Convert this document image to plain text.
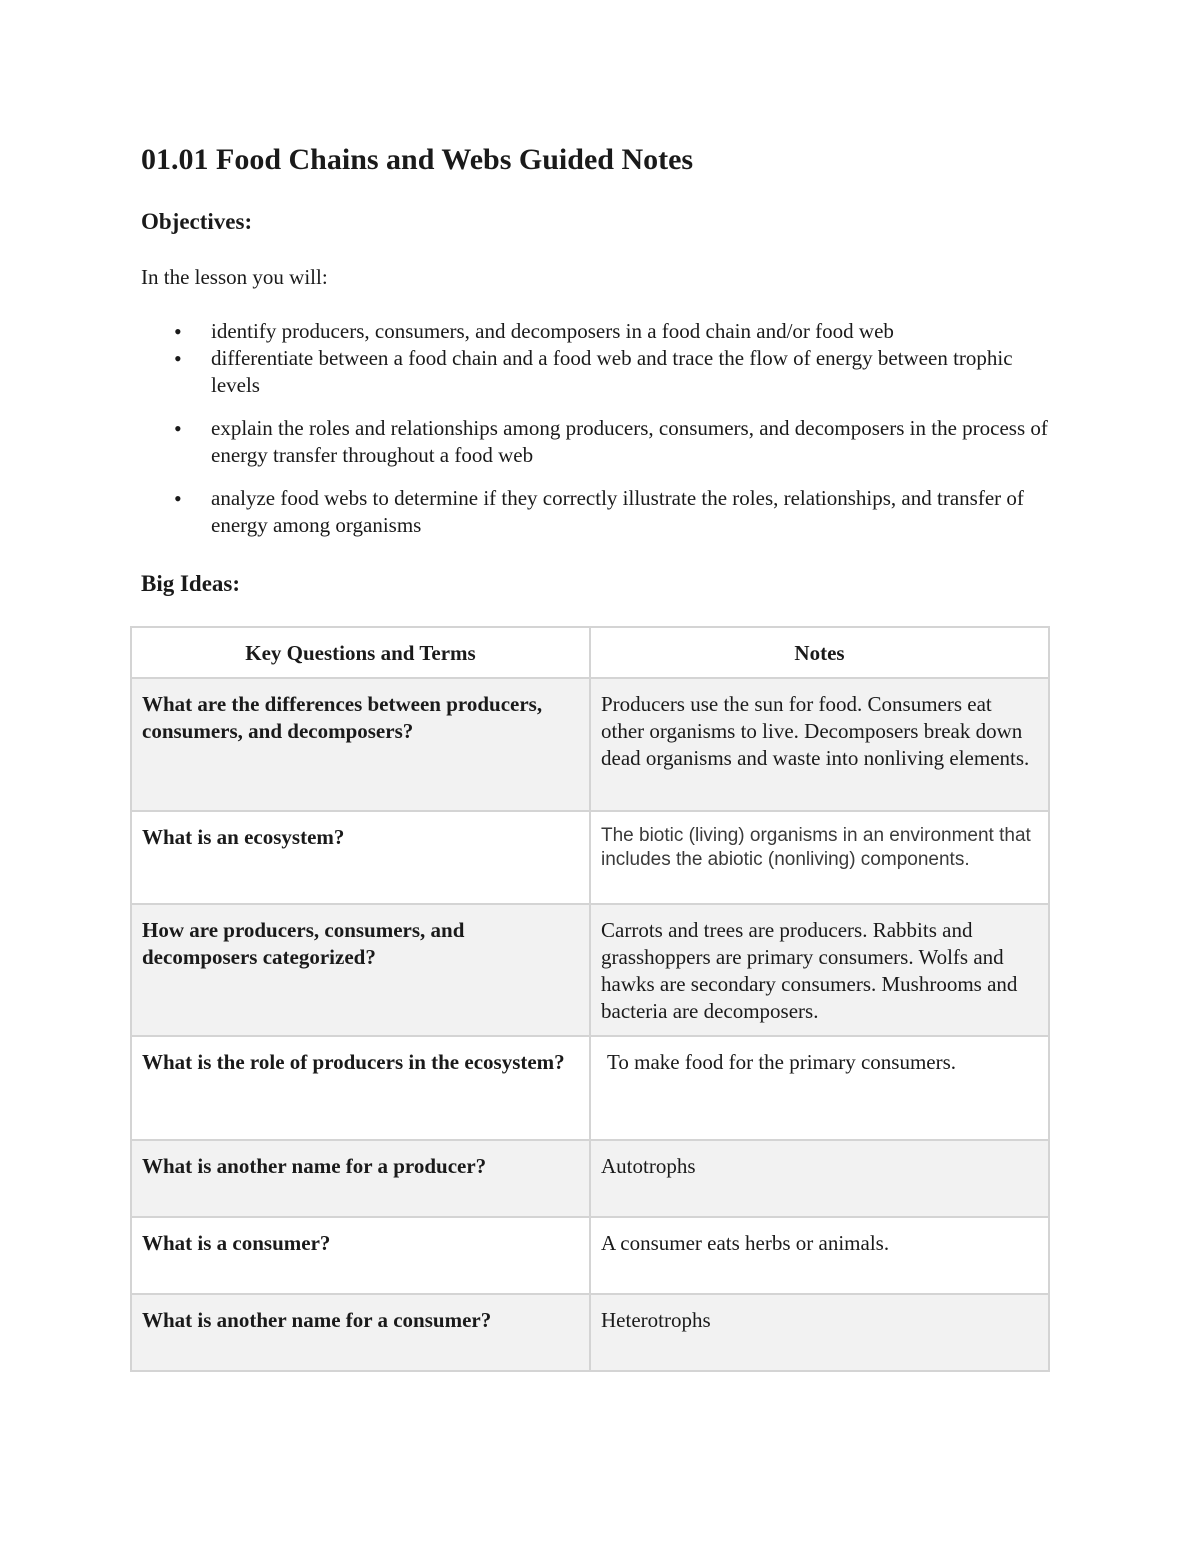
01.01 Food Chains and Webs Guided Notes
Objectives:

In the lesson you will:

• identify producers, consumers, and decomposers in a food chain and/or food web
• differentiate between a food chain and a food web and trace the flow of energy between trophic levels
• explain the roles and relationships among producers, consumers, and decomposers in the process of energy transfer throughout a food web
• analyze food webs to determine if they correctly illustrate the roles, relationships, and transfer of energy among organisms
Big Ideas:
Key Questions and Terms	Notes
What are the differences between producers, consumers, and decomposers?	Producers use the sun for food. Consumers eat other organisms to live. Decomposers break down dead organisms and waste into nonliving elements.
What is an ecosystem?	The biotic (living) organisms in an environment that includes the abiotic (nonliving) components.
How are producers, consumers, and decomposers categorized?	Carrots and trees are producers. Rabbits and grasshoppers are primary consumers. Wolfs and hawks are secondary consumers. Mushrooms and bacteria are decomposers.
What is the role of producers in the ecosystem?	To make food for the primary consumers.
What is another name for a producer?	Autotrophs
What is a consumer?	A consumer eats herbs or animals.
What is another name for a consumer?	Heterotrophs
